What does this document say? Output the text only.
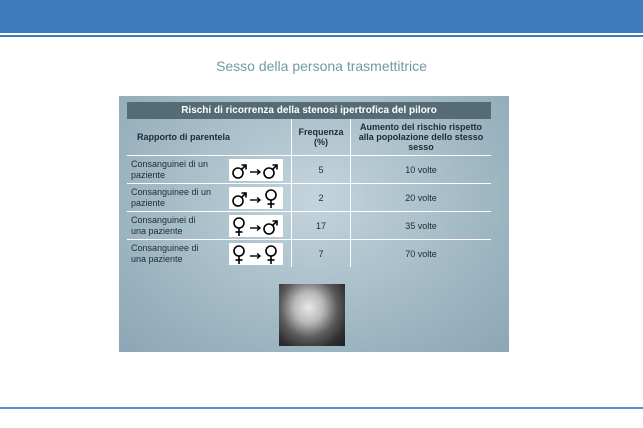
Sesso della persona trasmettitrice
Rischi di ricorrenza della stenosi ipertrofica del piloro
Rapporto di parentela	Frequenza (%)	Aumento del rischio rispetto alla popolazione dello stesso sesso

Consanguinei di un paziente	5	10 volte

Consanguinee di un paziente	2	20 volte

Consanguinei di una paziente	17	35 volte

Consanguinee di una paziente	7	70 volte
